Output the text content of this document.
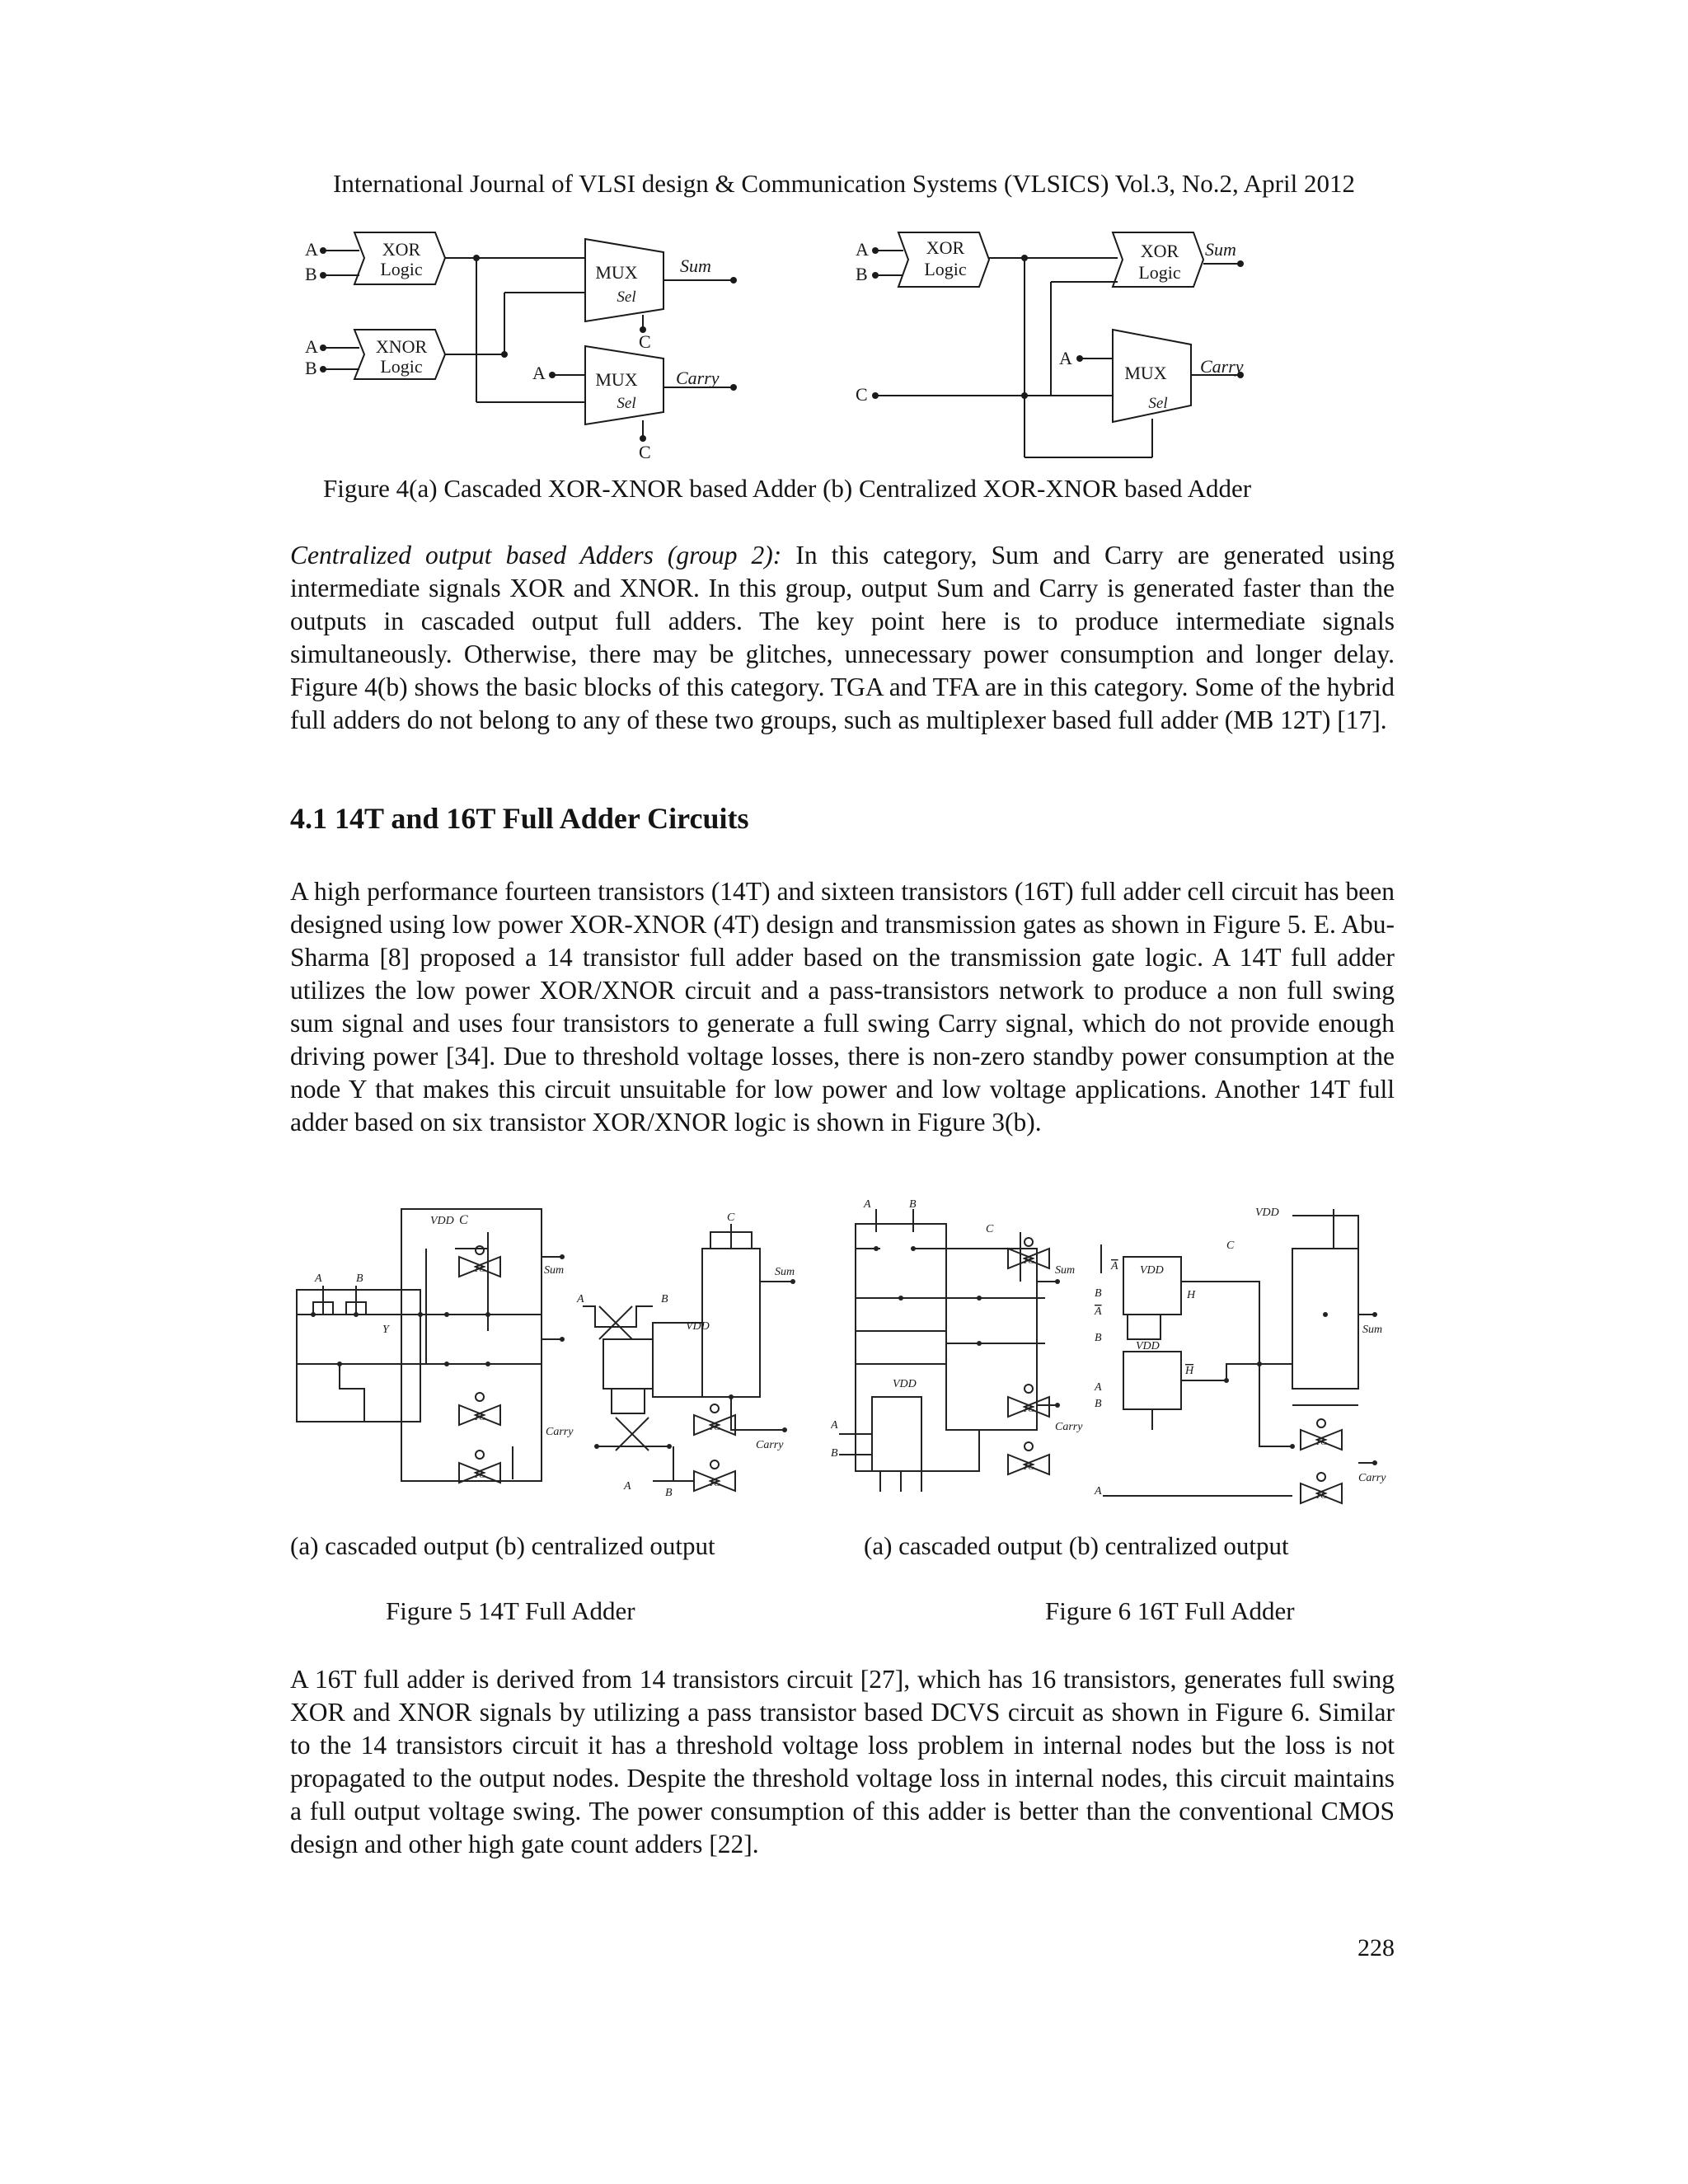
International Journal of VLSI design & Communication Systems (VLSICS) Vol.3, No.2, April 2012
A
B
A
B
XOR
Logic
XNOR
Logic
MUX
Sel
MUX
Sel
C
C
A
Sum
Carry
A
B
C
XOR
Logic
XOR
Logic
MUX
Sel
A
Sum
Carry
Figure 4(a) Cascaded XOR-XNOR based Adder (b) Centralized XOR-XNOR based Adder

Centralized output based Adders (group 2): In this category, Sum and Carry are generated using intermediate signals XOR and XNOR. In this group, output Sum and Carry is generated faster than the outputs in cascaded output full adders. The key point here is to produce intermediate signals simultaneously. Otherwise, there may be glitches, unnecessary power consumption and longer delay. Figure 4(b) shows the basic blocks of this category. TGA and TFA are in this category. Some of the hybrid full adders do not belong to any of these two groups, such as multiplexer based full adder (MB 12T) [17].

4.1 14T and 16T Full Adder Circuits

A high performance fourteen transistors (14T) and sixteen transistors (16T) full adder cell circuit has been designed using low power XOR-XNOR (4T) design and transmission gates as shown in Figure 5. E. Abu-Sharma [8] proposed a 14 transistor full adder based on the transmission gate logic. A 14T full adder utilizes the low power XOR/XNOR circuit and a pass-transistors network to produce a non full swing sum signal and uses four transistors to generate a full swing Carry signal, which do not provide enough driving power [34]. Due to threshold voltage losses, there is non-zero standby power consumption at the node Y that makes this circuit unsuitable for low power and low voltage applications. Another 14T full adder based on six transistor XOR/XNOR logic is shown in Figure 3(b).

VDD C
A	B
Y
Sum
Carry
TG
TG
TG
A	B
VDD
C
Sum
Carry
A
B
TG
TG
A	B
C
VDD
A
B
Sum
Carry
TG
TG
TG
A VDD
B
A
H
B
VDD
H
A
B
A
VDD
C
Sum
Carry
TG
TG
(a) cascaded output (b) centralized output	(a) cascaded output (b) centralized output
Figure 5 14T Full Adder	Figure 6 16T Full Adder

A 16T full adder is derived from 14 transistors circuit [27], which has 16 transistors, generates full swing XOR and XNOR signals by utilizing a pass transistor based DCVS circuit as shown in Figure 6. Similar to the 14 transistors circuit it has a threshold voltage loss problem in internal nodes but the loss is not propagated to the output nodes. Despite the threshold voltage loss in internal nodes, this circuit maintains a full output voltage swing. The power consumption of this adder is better than the conventional CMOS design and other high gate count adders [22].

228
